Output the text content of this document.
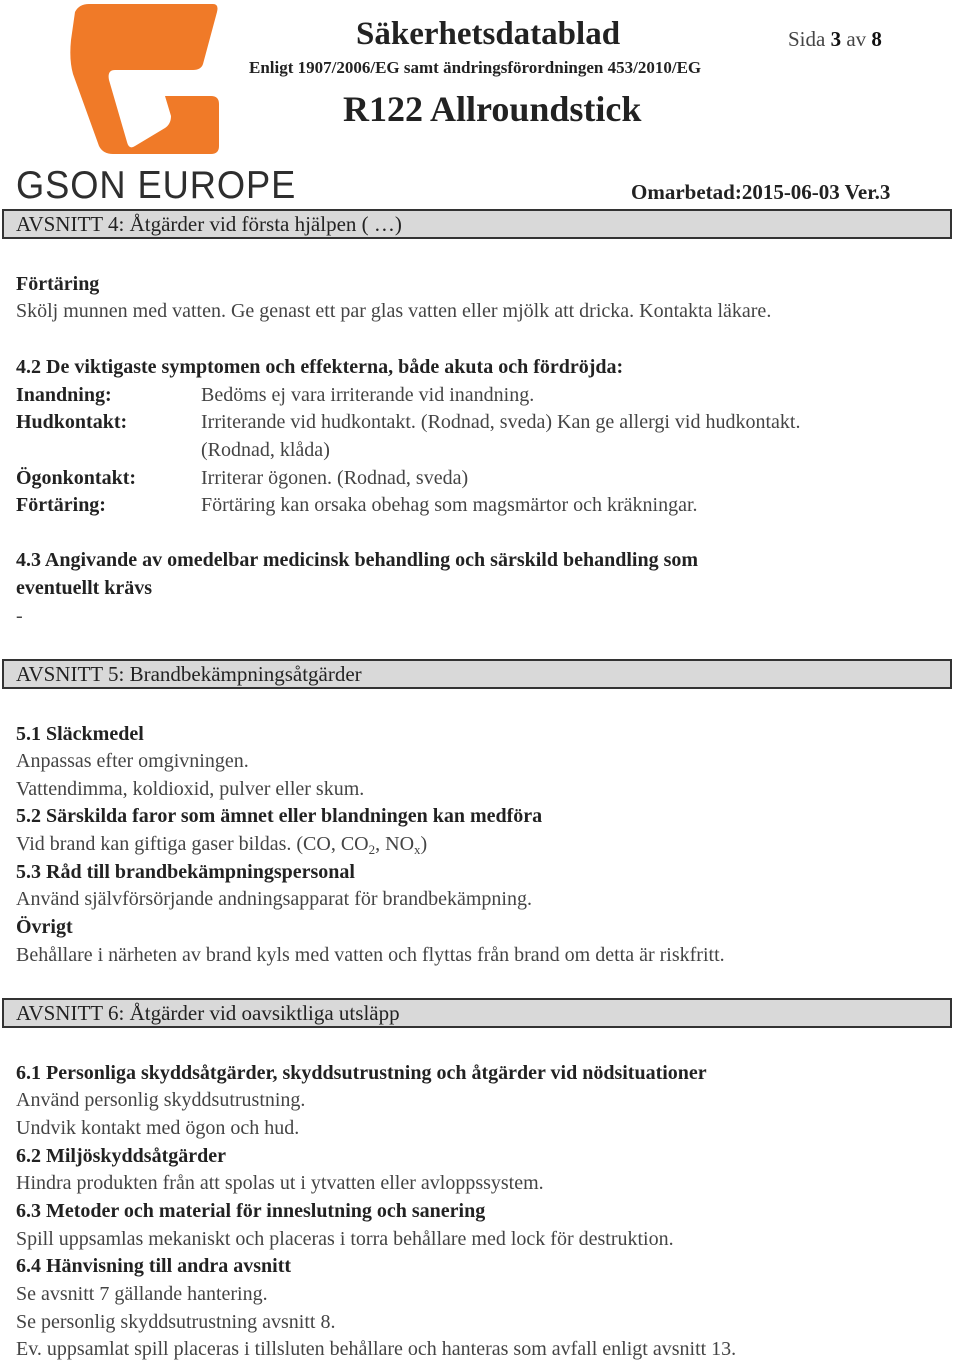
GSON EUROPE
Säkerhetsdatablad	Sida 3 av 8
Enligt 1907/2006/EG samt ändringsförordningen 453/2010/EG
R122 Allroundstick
Omarbetad:2015-06-03 Ver.3
AVSNITT 4: Åtgärder vid första hjälpen ( …)
Förtäring
Skölj munnen med vatten. Ge genast ett par glas vatten eller mjölk att dricka. Kontakta läkare.
4.2 De viktigaste symptomen och effekterna, både akuta och fördröjda:
Inandning:	Bedöms ej vara irriterande vid inandning.
Hudkontakt:	Irriterande vid hudkontakt. (Rodnad, sveda) Kan ge allergi vid hudkontakt.
(Rodnad, klåda)
Ögonkontakt:	Irriterar ögonen. (Rodnad, sveda)
Förtäring:	Förtäring kan orsaka obehag som magsmärtor och kräkningar.
4.3 Angivande av omedelbar medicinsk behandling och särskild behandling som
eventuellt krävs
-
AVSNITT 5: Brandbekämpningsåtgärder
5.1 Släckmedel
Anpassas efter omgivningen.
Vattendimma, koldioxid, pulver eller skum.
5.2 Särskilda faror som ämnet eller blandningen kan medföra
Vid brand kan giftiga gaser bildas. (CO, $CO_2$, $NO_x$)
5.3 Råd till brandbekämpningspersonal
Använd självförsörjande andningsapparat för brandbekämpning.
Övrigt
Behållare i närheten av brand kyls med vatten och flyttas från brand om detta är riskfritt.
AVSNITT 6: Åtgärder vid oavsiktliga utsläpp
6.1 Personliga skyddsåtgärder, skyddsutrustning och åtgärder vid nödsituationer
Använd personlig skyddsutrustning.
Undvik kontakt med ögon och hud.
6.2 Miljöskyddsåtgärder
Hindra produkten från att spolas ut i ytvatten eller avloppssystem.
6.3 Metoder och material för inneslutning och sanering
Spill uppsamlas mekaniskt och placeras i torra behållare med lock för destruktion.
6.4 Hänvisning till andra avsnitt
Se avsnitt 7 gällande hantering.
Se personlig skyddsutrustning avsnitt 8.
Ev. uppsamlat spill placeras i tillsluten behållare och hanteras som avfall enligt avsnitt 13.
